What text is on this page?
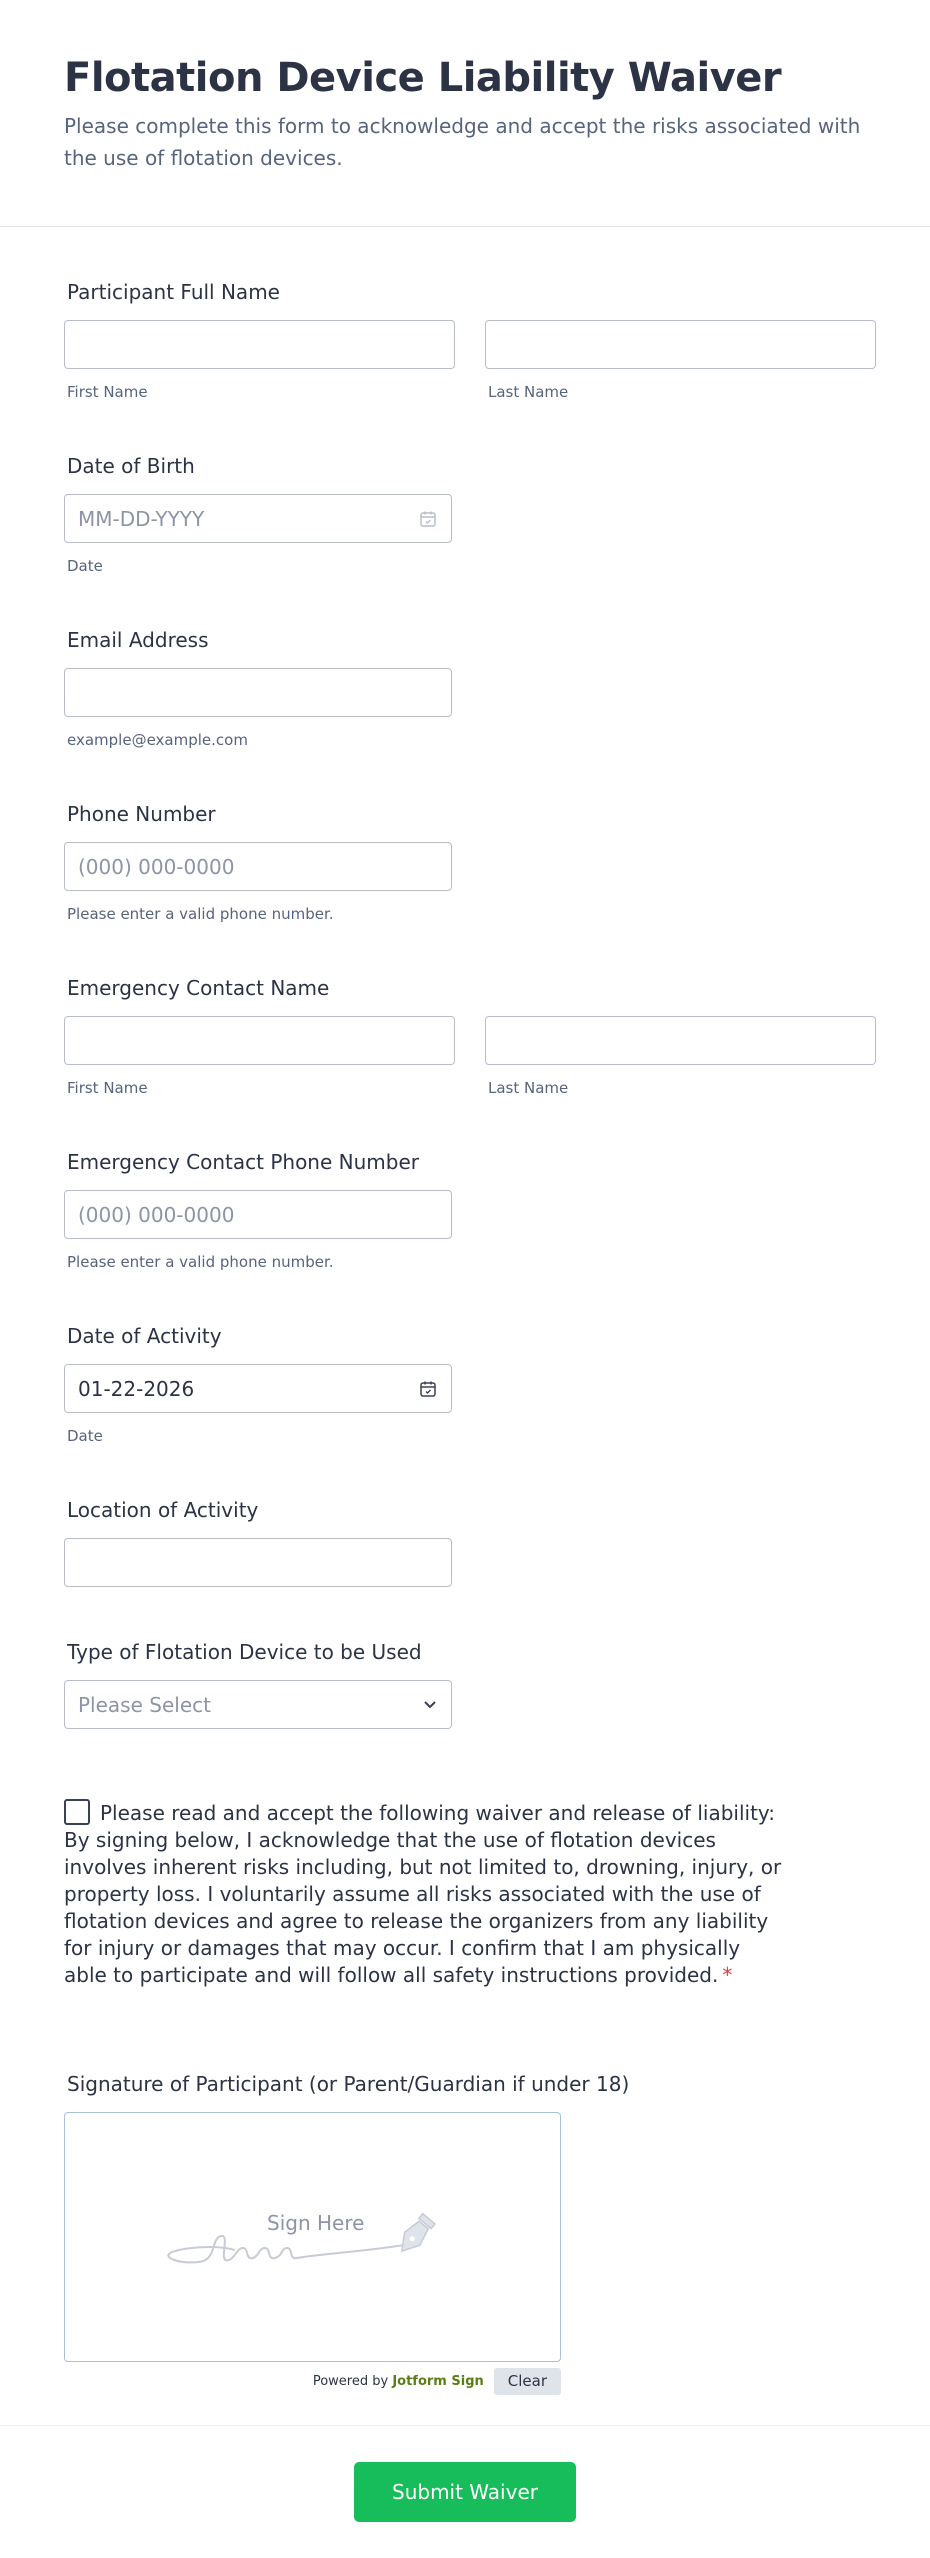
Flotation Device Liability Waiver

Please complete this form to acknowledge and accept the risks associated with the use of flotation devices.

Participant Full Name
First Name	Last Name
Date of Birth
MM-DD-YYYY
Date
Email Address
example@example.com
Phone Number
(000) 000-0000
Please enter a valid phone number.
Emergency Contact Name
First Name	Last Name
Emergency Contact Phone Number
(000) 000-0000
Please enter a valid phone number.
Date of Activity
01-22-2026
Date
Location of Activity
Type of Flotation Device to be Used
Please Select
Please read and accept the following waiver and release of liability: By signing below, I acknowledge that the use of flotation devices involves inherent risks including, but not limited to, drowning, injury, or property loss. I voluntarily assume all risks associated with the use of flotation devices and agree to release the organizers from any liability for injury or damages that may occur. I confirm that I am physically able to participate and will follow all safety instructions provided. *
Signature of Participant (or Parent/Guardian if under 18)
Sign Here
Powered by Jotform Sign	Clear
Submit Waiver
